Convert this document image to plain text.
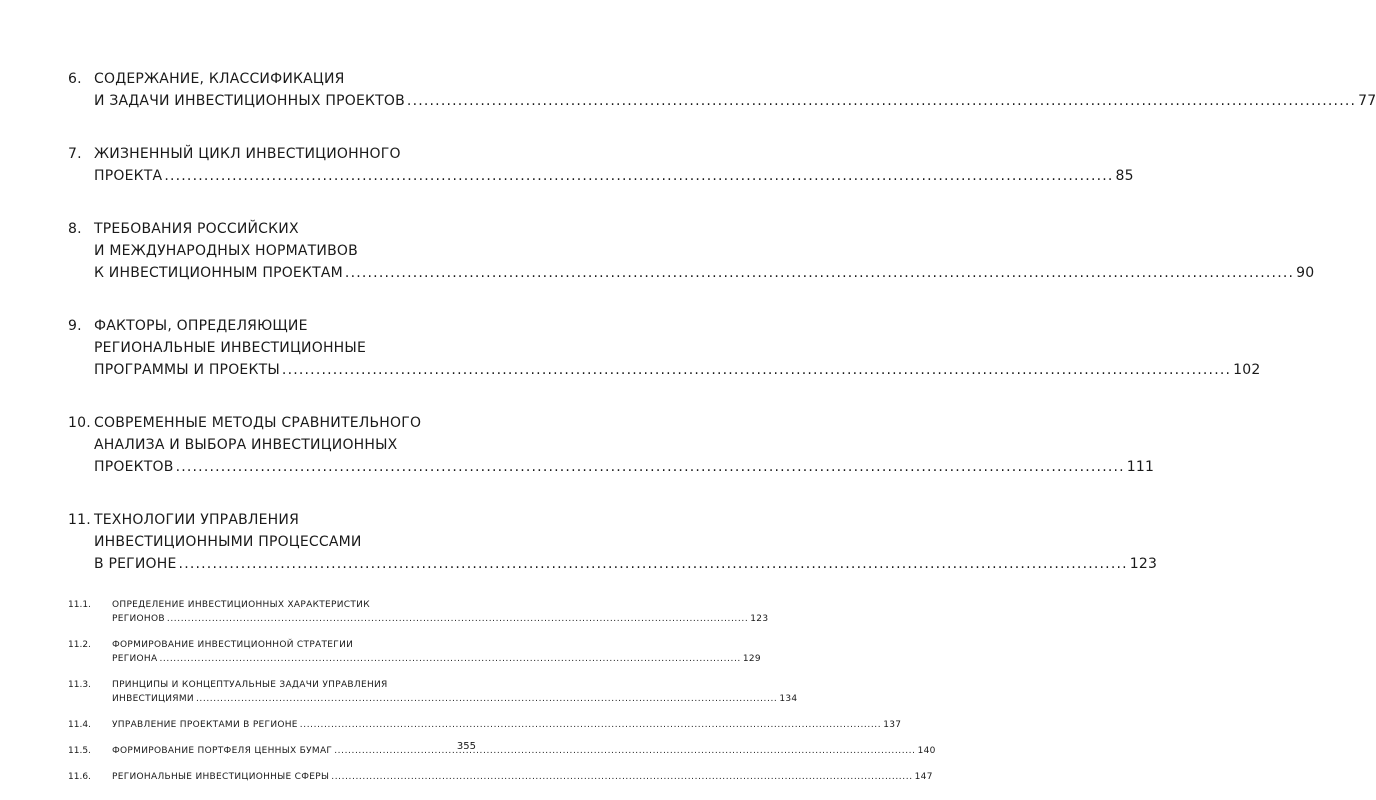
6. СОДЕРЖАНИЕ, КЛАССИФИКАЦИЯ
И ЗАДАЧИ ИНВЕСТИЦИОННЫХ ПРОЕКТОВ .....	77
7. ЖИЗНЕННЫЙ ЦИКЛ ИНВЕСТИЦИОННОГО
ПРОЕКТА .....	85
8. ТРЕБОВАНИЯ РОССИЙСКИХ
И МЕЖДУНАРОДНЫХ НОРМАТИВОВ
К ИНВЕСТИЦИОННЫМ ПРОЕКТАМ .....	90
9. ФАКТОРЫ, ОПРЕДЕЛЯЮЩИЕ
РЕГИОНАЛЬНЫЕ ИНВЕСТИЦИОННЫЕ
ПРОГРАММЫ И ПРОЕКТЫ .....	102
10. СОВРЕМЕННЫЕ МЕТОДЫ СРАВНИТЕЛЬНОГО
АНАЛИЗА И ВЫБОРА ИНВЕСТИЦИОННЫХ
ПРОЕКТОВ .....	111
11. ТЕХНОЛОГИИ УПРАВЛЕНИЯ
ИНВЕСТИЦИОННЫМИ ПРОЦЕССАМИ
В РЕГИОНЕ .....	123
11.1.	ОПРЕДЕЛЕНИЕ ИНВЕСТИЦИОННЫХ ХАРАКТЕРИСТИК
РЕГИОНОВ .....	123
11.2.	ФОРМИРОВАНИЕ ИНВЕСТИЦИОННОЙ СТРАТЕГИИ
РЕГИОНА .....	129
11.3.	ПРИНЦИПЫ И КОНЦЕПТУАЛЬНЫЕ ЗАДАЧИ УПРАВЛЕНИЯ
ИНВЕСТИЦИЯМИ .....	134
11.4.	УПРАВЛЕНИЕ ПРОЕКТАМИ В РЕГИОНЕ .....	137
11.5.	ФОРМИРОВАНИЕ ПОРТФЕЛЯ ЦЕННЫХ БУМАГ .....	140
11.6.	РЕГИОНАЛЬНЫЕ ИНВЕСТИЦИОННЫЕ СФЕРЫ .....	147
355
